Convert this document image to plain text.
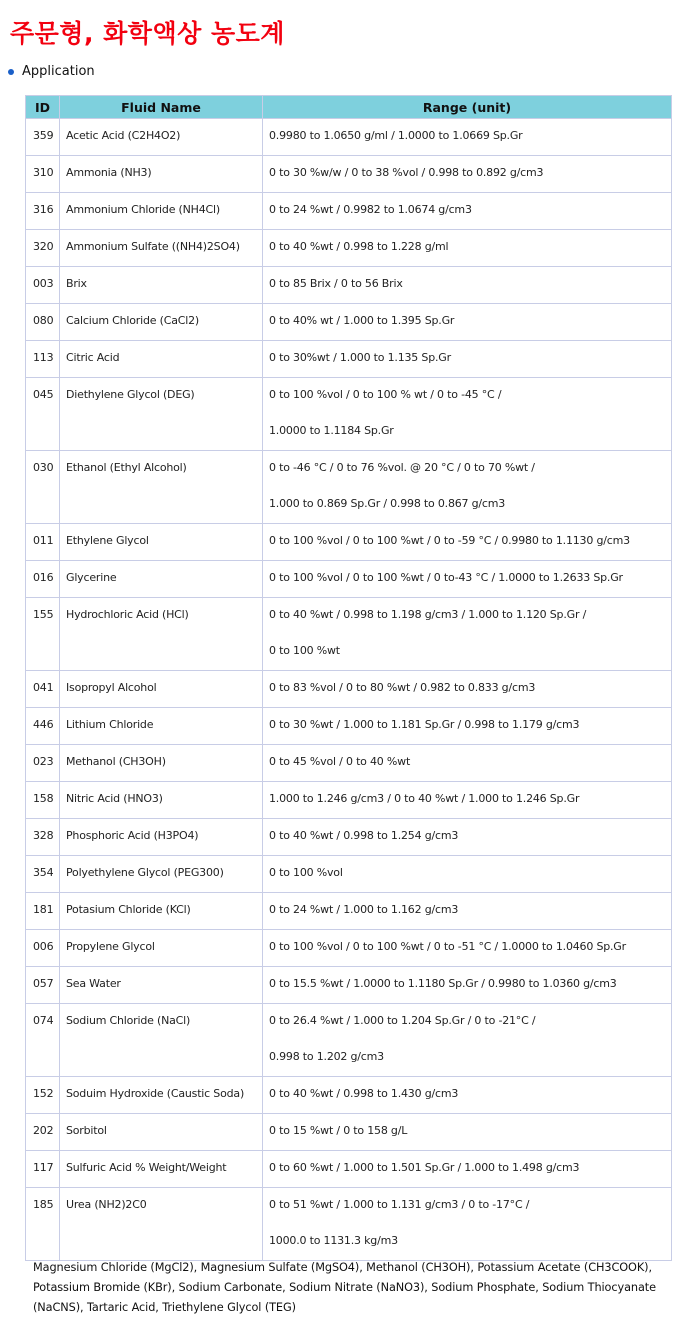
주문형, 화학액상 농도계
Application
ID	Fluid Name	Range (unit)
359	Acetic Acid (C2H4O2)	0.9980 to 1.0650 g/ml / 1.0000 to 1.0669 Sp.Gr

310	Ammonia (NH3)	0 to 30 %w/w / 0 to 38 %vol / 0.998 to 0.892 g/cm3

316	Ammonium Chloride (NH4Cl)	0 to 24 %wt / 0.9982 to 1.0674 g/cm3

320	Ammonium Sulfate ((NH4)2SO4)	0 to 40 %wt / 0.998 to 1.228 g/ml

003	Brix	0 to 85 Brix / 0 to 56 Brix

080	Calcium Chloride (CaCl2)	0 to 40% wt / 1.000 to 1.395 Sp.Gr

113	Citric Acid	0 to 30%wt / 1.000 to 1.135 Sp.Gr

045	Diethylene Glycol (DEG)	0 to 100 %vol / 0 to 100 % wt / 0 to -45 °C /
1.0000 to 1.1184 Sp.Gr

030	Ethanol (Ethyl Alcohol)	0 to -46 °C / 0 to 76 %vol. @ 20 °C / 0 to 70 %wt /
1.000 to 0.869 Sp.Gr / 0.998 to 0.867 g/cm3

011	Ethylene Glycol	0 to 100 %vol / 0 to 100 %wt / 0 to -59 °C / 0.9980 to 1.1130 g/cm3

016	Glycerine	0 to 100 %vol / 0 to 100 %wt / 0 to-43 °C / 1.0000 to 1.2633 Sp.Gr

155	Hydrochloric Acid (HCl)	0 to 40 %wt / 0.998 to 1.198 g/cm3 / 1.000 to 1.120 Sp.Gr /
0 to 100 %wt

041	Isopropyl Alcohol	0 to 83 %vol / 0 to 80 %wt / 0.982 to 0.833 g/cm3

446	Lithium Chloride	0 to 30 %wt / 1.000 to 1.181 Sp.Gr / 0.998 to 1.179 g/cm3

023	Methanol (CH3OH)	0 to 45 %vol / 0 to 40 %wt

158	Nitric Acid (HNO3)	1.000 to 1.246 g/cm3 / 0 to 40 %wt / 1.000 to 1.246 Sp.Gr

328	Phosphoric Acid (H3PO4)	0 to 40 %wt / 0.998 to 1.254 g/cm3

354	Polyethylene Glycol (PEG300)	0 to 100 %vol

181	Potasium Chloride (KCl)	0 to 24 %wt / 1.000 to 1.162 g/cm3

006	Propylene Glycol	0 to 100 %vol / 0 to 100 %wt / 0 to -51 °C / 1.0000 to 1.0460 Sp.Gr

057	Sea Water	0 to 15.5 %wt / 1.0000 to 1.1180 Sp.Gr / 0.9980 to 1.0360 g/cm3

074	Sodium Chloride (NaCl)	0 to 26.4 %wt / 1.000 to 1.204 Sp.Gr / 0 to -21°C /
0.998 to 1.202 g/cm3

152	Soduim Hydroxide (Caustic Soda)	0 to 40 %wt / 0.998 to 1.430 g/cm3

202	Sorbitol	0 to 15 %wt / 0 to 158 g/L

117	Sulfuric Acid % Weight/Weight	0 to 60 %wt / 1.000 to 1.501 Sp.Gr / 1.000 to 1.498 g/cm3

185	Urea (NH2)2C0	0 to 51 %wt / 1.000 to 1.131 g/cm3 / 0 to -17°C /
1000.0 to 1131.3 kg/m3
Magnesium Chloride (MgCl2), Magnesium Sulfate (MgSO4), Methanol (CH3OH), Potassium Acetate (CH3COOK), Potassium Bromide (KBr), Sodium Carbonate, Sodium Nitrate (NaNO3), Sodium Phosphate, Sodium Thiocyanate (NaCNS), Tartaric Acid, Triethylene Glycol (TEG)
